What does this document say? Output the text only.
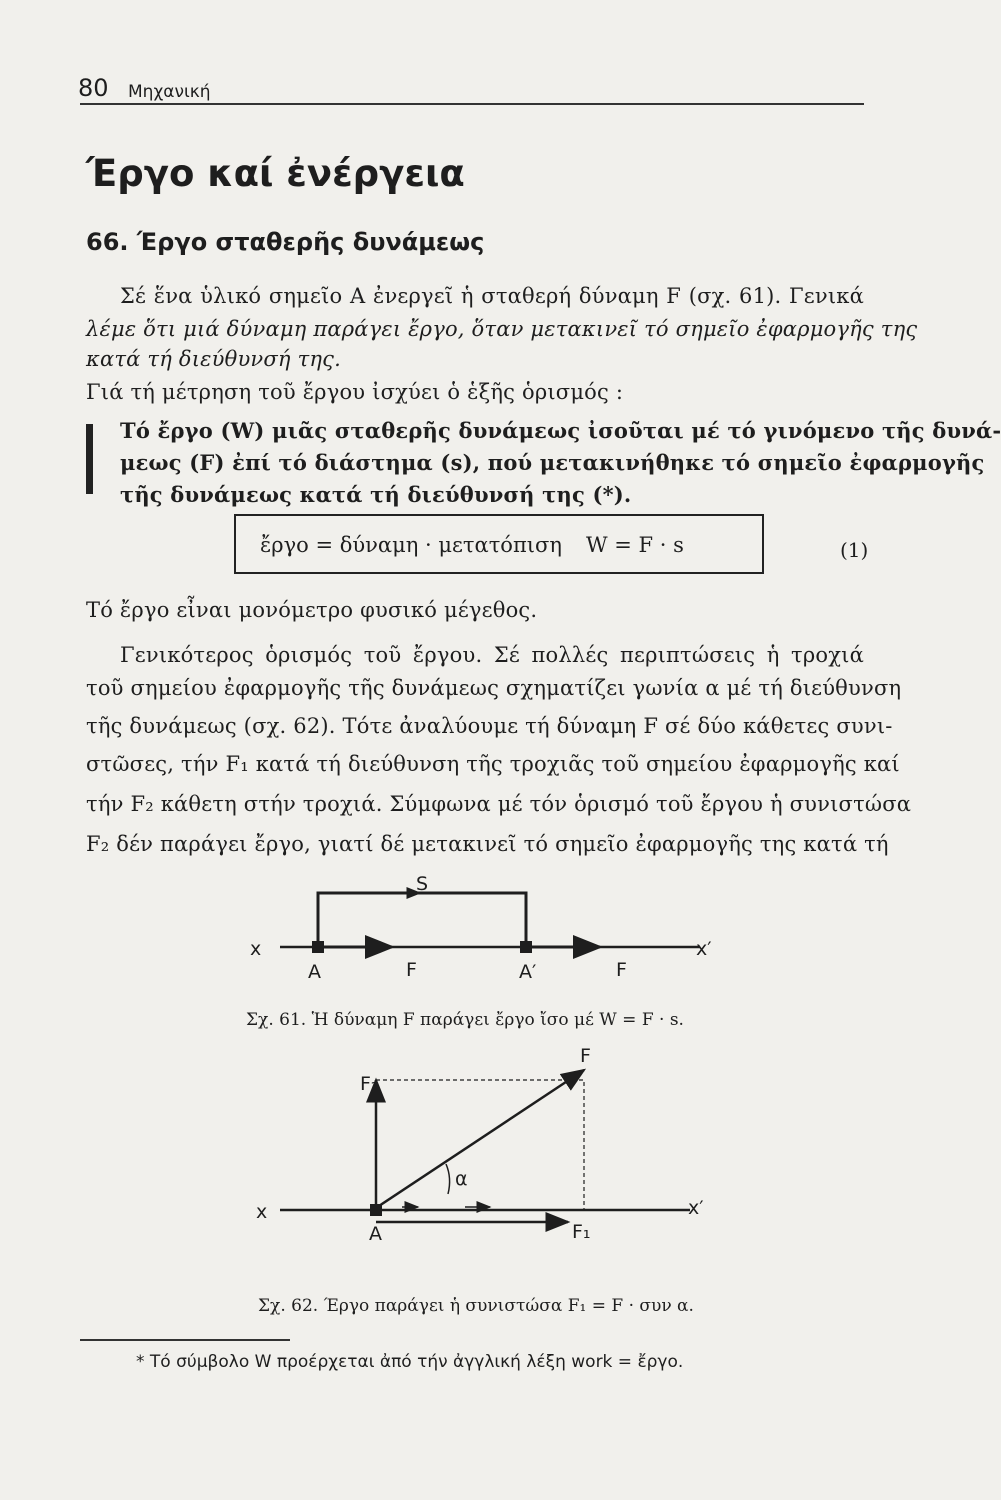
80 Μηχανική
Έργο καί ἐνέργεια
66. Έργο σταθερῆς δυνάμεως
Σέ ἕνα ὑλικό σημεῖο Α ἐνεργεῖ ἡ σταθερή δύναμη F (σχ. 61). Γενικά
λέμε ὅτι μιά δύναμη παράγει ἔργο, ὅταν μετακινεῖ τό σημεῖο ἐφαρμογῆς της
κατά τή διεύθυνσή της.
Γιά τή μέτρηση τοῦ ἔργου ἰσχύει ὁ ἑξῆς ὁρισμός :
Τό ἔργο (W) μιᾶς σταθερῆς δυνάμεως ἰσοῦται μέ τό γινόμενο τῆς δυνά-
μεως (F) ἐπί τό διάστημα (s), πού μετακινήθηκε τό σημεῖο ἐφαρμογῆς
τῆς δυνάμεως κατά τή διεύθυνσή της (*).
ἔργο = δύναμη · μετατόπιση W = F · s	(1)
Τό ἔργο εἶναι μονόμετρο φυσικό μέγεθος.
Γενικότερος ὁρισμός τοῦ ἔργου. Σέ πολλές περιπτώσεις ἡ τροχιά
τοῦ σημείου ἐφαρμογῆς τῆς δυνάμεως σχηματίζει γωνία α μέ τή διεύθυνση
τῆς δυνάμεως (σχ. 62). Τότε ἀναλύουμε τή δύναμη F σέ δύο κάθετες συνι-
στῶσες, τήν F₁ κατά τή διεύθυνση τῆς τροχιᾶς τοῦ σημείου ἐφαρμογῆς καί
τήν F₂ κάθετη στήν τροχιά. Σύμφωνα μέ τόν ὁρισμό τοῦ ἔργου ἡ συνιστώσα
F₂ δέν παράγει ἔργο, γιατί δέ μετακινεῖ τό σημεῖο ἐφαρμογῆς της κατά τή
S
x
A	F	A′	F
x′
F₂
F
α
x
A
x′
F₁
Σχ. 61. Ἡ δύναμη F παράγει ἔργο ἴσο μέ W = F · s.
Σχ. 62. Έργο παράγει ἡ συνιστώσα F₁ = F · συν α.
* Τό σύμβολο W προέρχεται ἀπό τήν ἀγγλική λέξη work = ἔργο.
